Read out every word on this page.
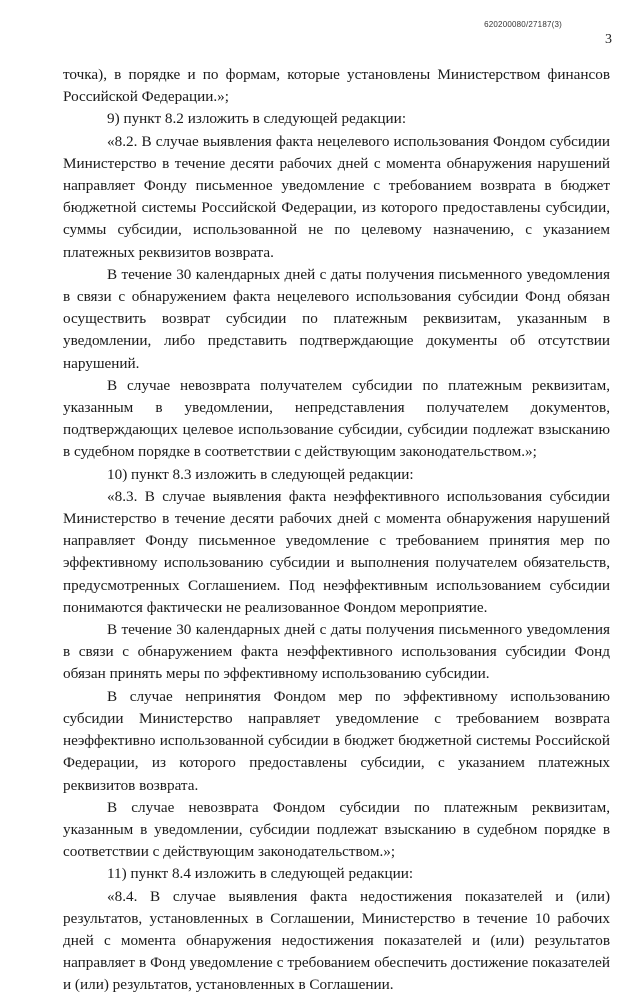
620200080/27187(3)
3

точка), в порядке и по формам, которые установлены Министерством финансов Российской Федерации.»;

9) пункт 8.2 изложить в следующей редакции:

«8.2. В случае выявления факта нецелевого использования Фондом субсидии Министерство в течение десяти рабочих дней с момента обнаружения нарушений направляет Фонду письменное уведомление с требованием возврата в бюджет бюджетной системы Российской Федерации, из которого предоставлены субсидии, суммы субсидии, использованной не по целевому назначению, с указанием платежных реквизитов возврата.

В течение 30 календарных дней с даты получения письменного уведомления в связи с обнаружением факта нецелевого использования субсидии Фонд обязан осуществить возврат субсидии по платежным реквизитам, указанным в уведомлении, либо представить подтверждающие документы об отсутствии нарушений.

В случае невозврата получателем субсидии по платежным реквизитам, указанным в уведомлении, непредставления получателем документов, подтверждающих целевое использование субсидии, субсидии подлежат взысканию в судебном порядке в соответствии с действующим законодательством.»;

10) пункт 8.3 изложить в следующей редакции:

«8.3. В случае выявления факта неэффективного использования субсидии Министерство в течение десяти рабочих дней с момента обнаружения нарушений направляет Фонду письменное уведомление с требованием принятия мер по эффективному использованию субсидии и выполнения получателем обязательств, предусмотренных Соглашением. Под неэффективным использованием субсидии понимаются фактически не реализованное Фондом мероприятие.

В течение 30 календарных дней с даты получения письменного уведомления в связи с обнаружением факта неэффективного использования субсидии Фонд обязан принять меры по эффективному использованию субсидии.

В случае непринятия Фондом мер по эффективному использованию субсидии Министерство направляет уведомление с требованием возврата неэффективно использованной субсидии в бюджет бюджетной системы Российской Федерации, из которого предоставлены субсидии, с указанием платежных реквизитов возврата.

В случае невозврата Фондом субсидии по платежным реквизитам, указанным в уведомлении, субсидии подлежат взысканию в судебном порядке в соответствии с действующим законодательством.»;

11) пункт 8.4 изложить в следующей редакции:

«8.4. В случае выявления факта недостижения показателей и (или) результатов, установленных в Соглашении, Министерство в течение 10 рабочих дней с момента обнаружения недостижения показателей и (или) результатов направляет в Фонд уведомление с требованием обеспечить достижение показателей и (или) результатов, установленных в Соглашении.
